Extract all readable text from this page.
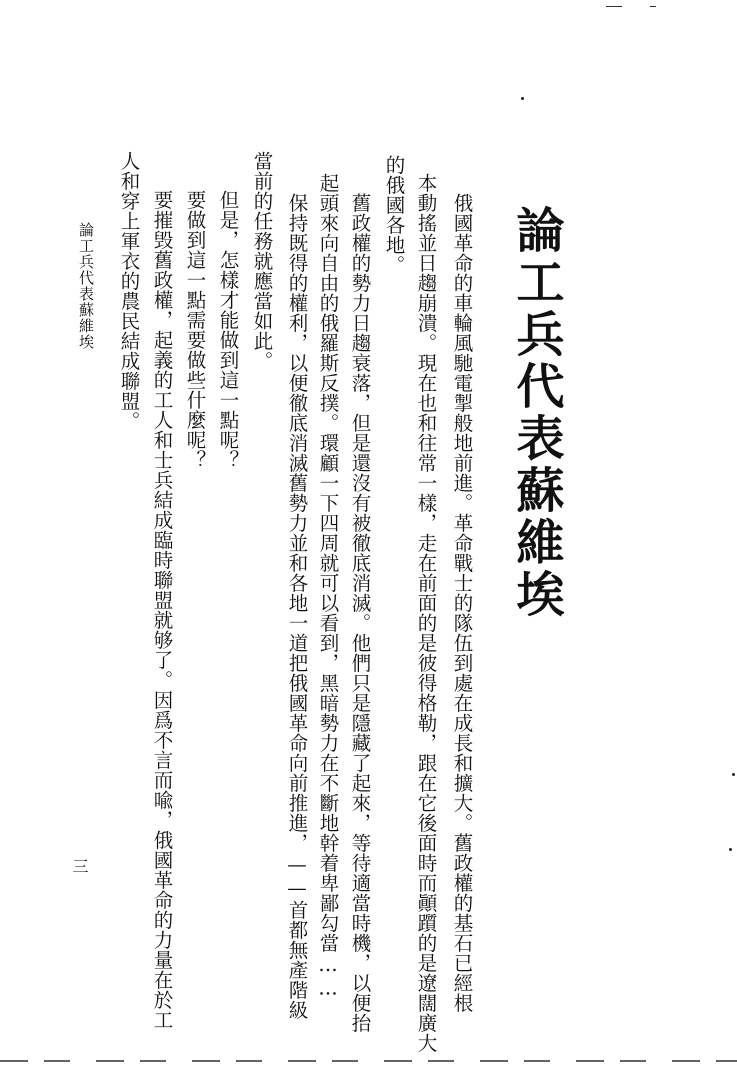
論工兵代表蘇維埃
俄國革命的車輪風馳電掣般地前進。革命戰士的隊伍到處在成長和擴大。舊政權的基石已經根
本動搖並日趨崩潰。現在也和往常一樣，走在前面的是彼得格勒，跟在它後面時而顚躓的是遼闊廣大
的俄國各地。
舊政權的勢力日趨衰落，但是還沒有被徹底消滅。他們只是隱藏了起來，等待適當時機，以便抬
起頭來向自由的俄羅斯反撲。環顧一下四周就可以看到，黑暗勢力在不斷地幹着卑鄙勾當……
保持既得的權利，以便徹底消滅舊勢力並和各地一道把俄國革命向前推進，——首都無產階級
當前的任務就應當如此。
但是，怎樣才能做到這一點呢？
要做到這一點需要做些什麼呢？
要摧毁舊政權，起義的工人和士兵結成臨時聯盟就够了。因爲不言而喩，俄國革命的力量在於工
人和穿上軍衣的農民結成聯盟。
論工兵代表蘇維埃
三
